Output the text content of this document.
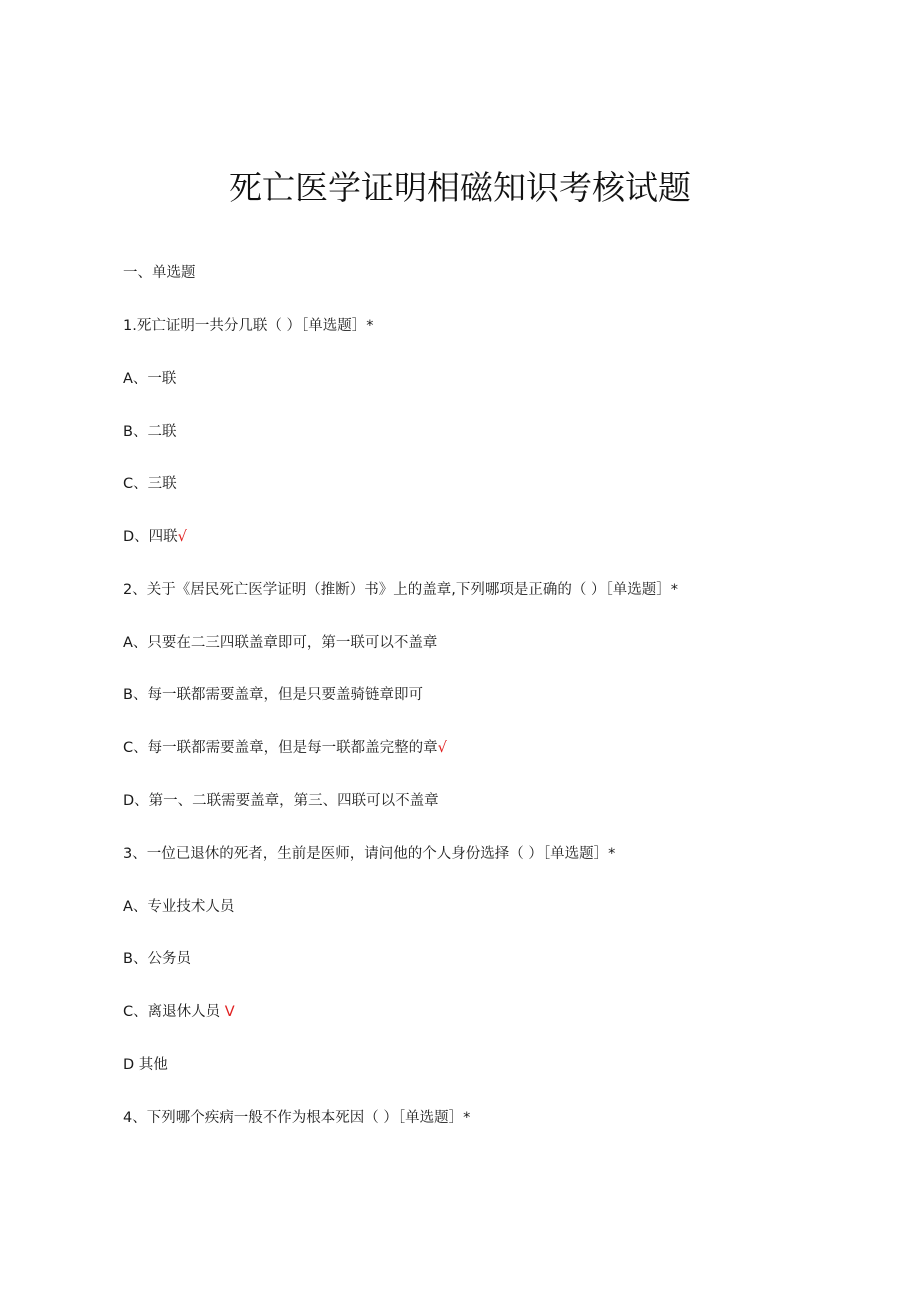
死亡医学证明相磁知识考核试题
一、单选题
1.死亡证明一共分几联（ ）［单选题］*
A、一联
B、二联
C、三联
D、四联√
2、关于《居民死亡医学证明（推断）书》上的盖章,下列哪项是正确的（ ）［单选题］*
A、只要在二三四联盖章即可，第一联可以不盖章
B、每一联都需要盖章，但是只要盖骑链章即可
C、每一联都需要盖章，但是每一联都盖完整的章√
D、第一、二联需要盖章，第三、四联可以不盖章
3、一位已退休的死者，生前是医师，请问他的个人身份选择（ ）［单选题］*
A、专业技术人员
B、公务员
C、离退休人员 V
D 其他
4、下列哪个疾病一般不作为根本死因（ ）［单选题］*
